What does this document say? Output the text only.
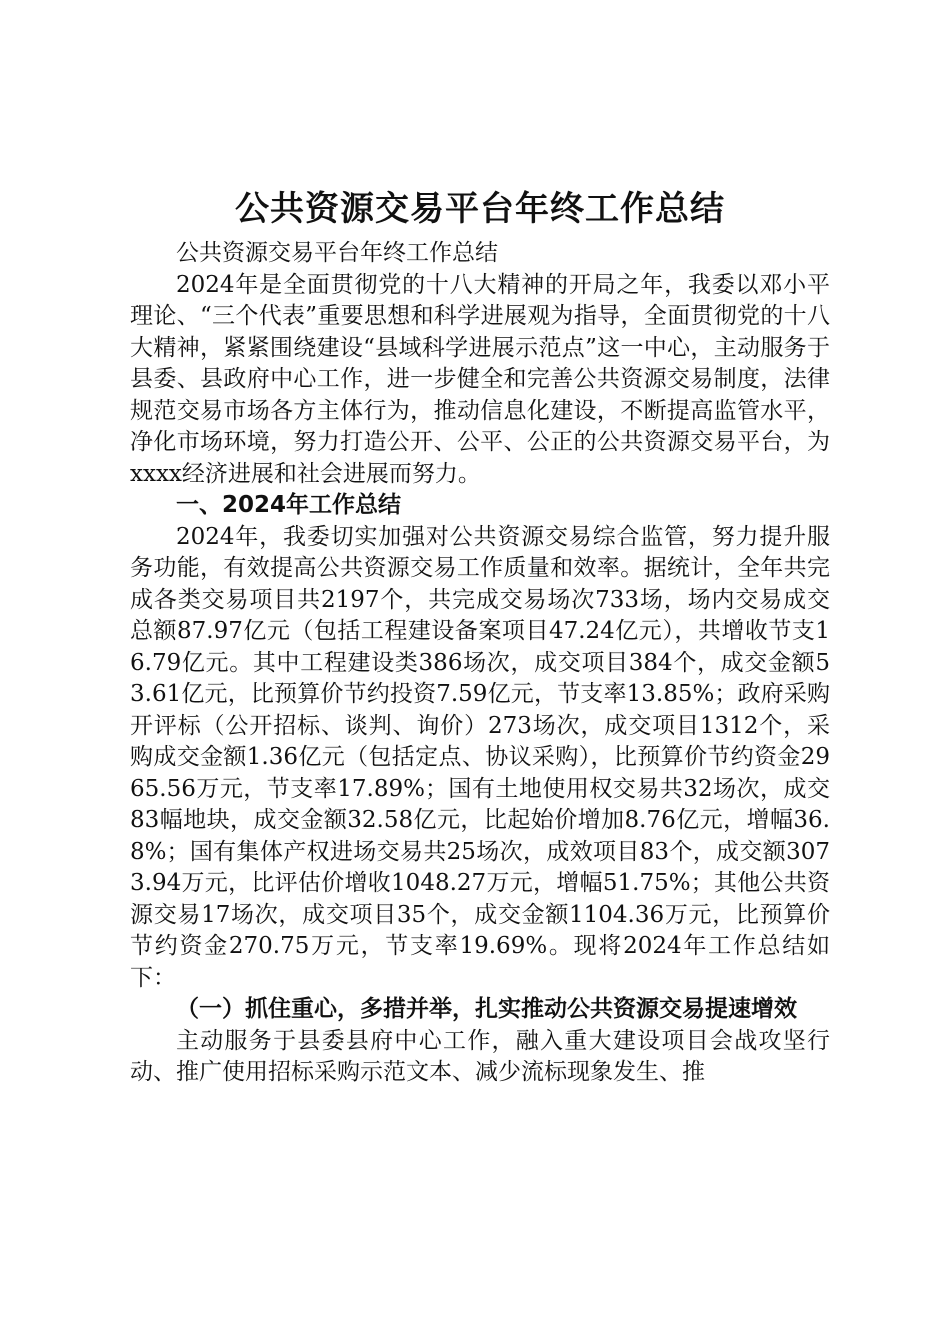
公共资源交易平台年终工作总结

公共资源交易平台年终工作总结

2024年是全面贯彻党的十八大精神的开局之年，我委以邓小平理论、“三个代表”重要思想和科学进展观为指导，全面贯彻党的十八大精神，紧紧围绕建设“县域科学进展示范点”这一中心，主动服务于县委、县政府中心工作，进一步健全和完善公共资源交易制度，法律规范交易市场各方主体行为，推动信息化建设，不断提高监管水平，净化市场环境，努力打造公开、公平、公正的公共资源交易平台，为xxxx经济进展和社会进展而努力。

一、2024年工作总结

2024年，我委切实加强对公共资源交易综合监管，努力提升服务功能，有效提高公共资源交易工作质量和效率。据统计，全年共完成各类交易项目共2197个，共完成交易场次733场，场内交易成交总额87.97亿元（包括工程建设备案项目47.24亿元），共增收节支16.79亿元。其中工程建设类386场次，成交项目384个，成交金额53.61亿元，比预算价节约投资7.59亿元，节支率13.85%；政府采购开评标（公开招标、谈判、询价）273场次，成交项目1312个，采购成交金额1.36亿元（包括定点、协议采购），比预算价节约资金2965.56万元，节支率17.89%；国有土地使用权交易共32场次，成交83幅地块，成交金额32.58亿元，比起始价增加8.76亿元，增幅36.8%；国有集体产权进场交易共25场次，成效项目83个，成交额3073.94万元，比评估价增收1048.27万元，增幅51.75%；其他公共资源交易17场次，成交项目35个，成交金额1104.36万元，比预算价节约资金270.75万元，节支率19.69%。现将2024年工作总结如下：

（一）抓住重心，多措并举，扎实推动公共资源交易提速增效

主动服务于县委县府中心工作，融入重大建设项目会战攻坚行动、推广使用招标采购示范文本、减少流标现象发生、推
